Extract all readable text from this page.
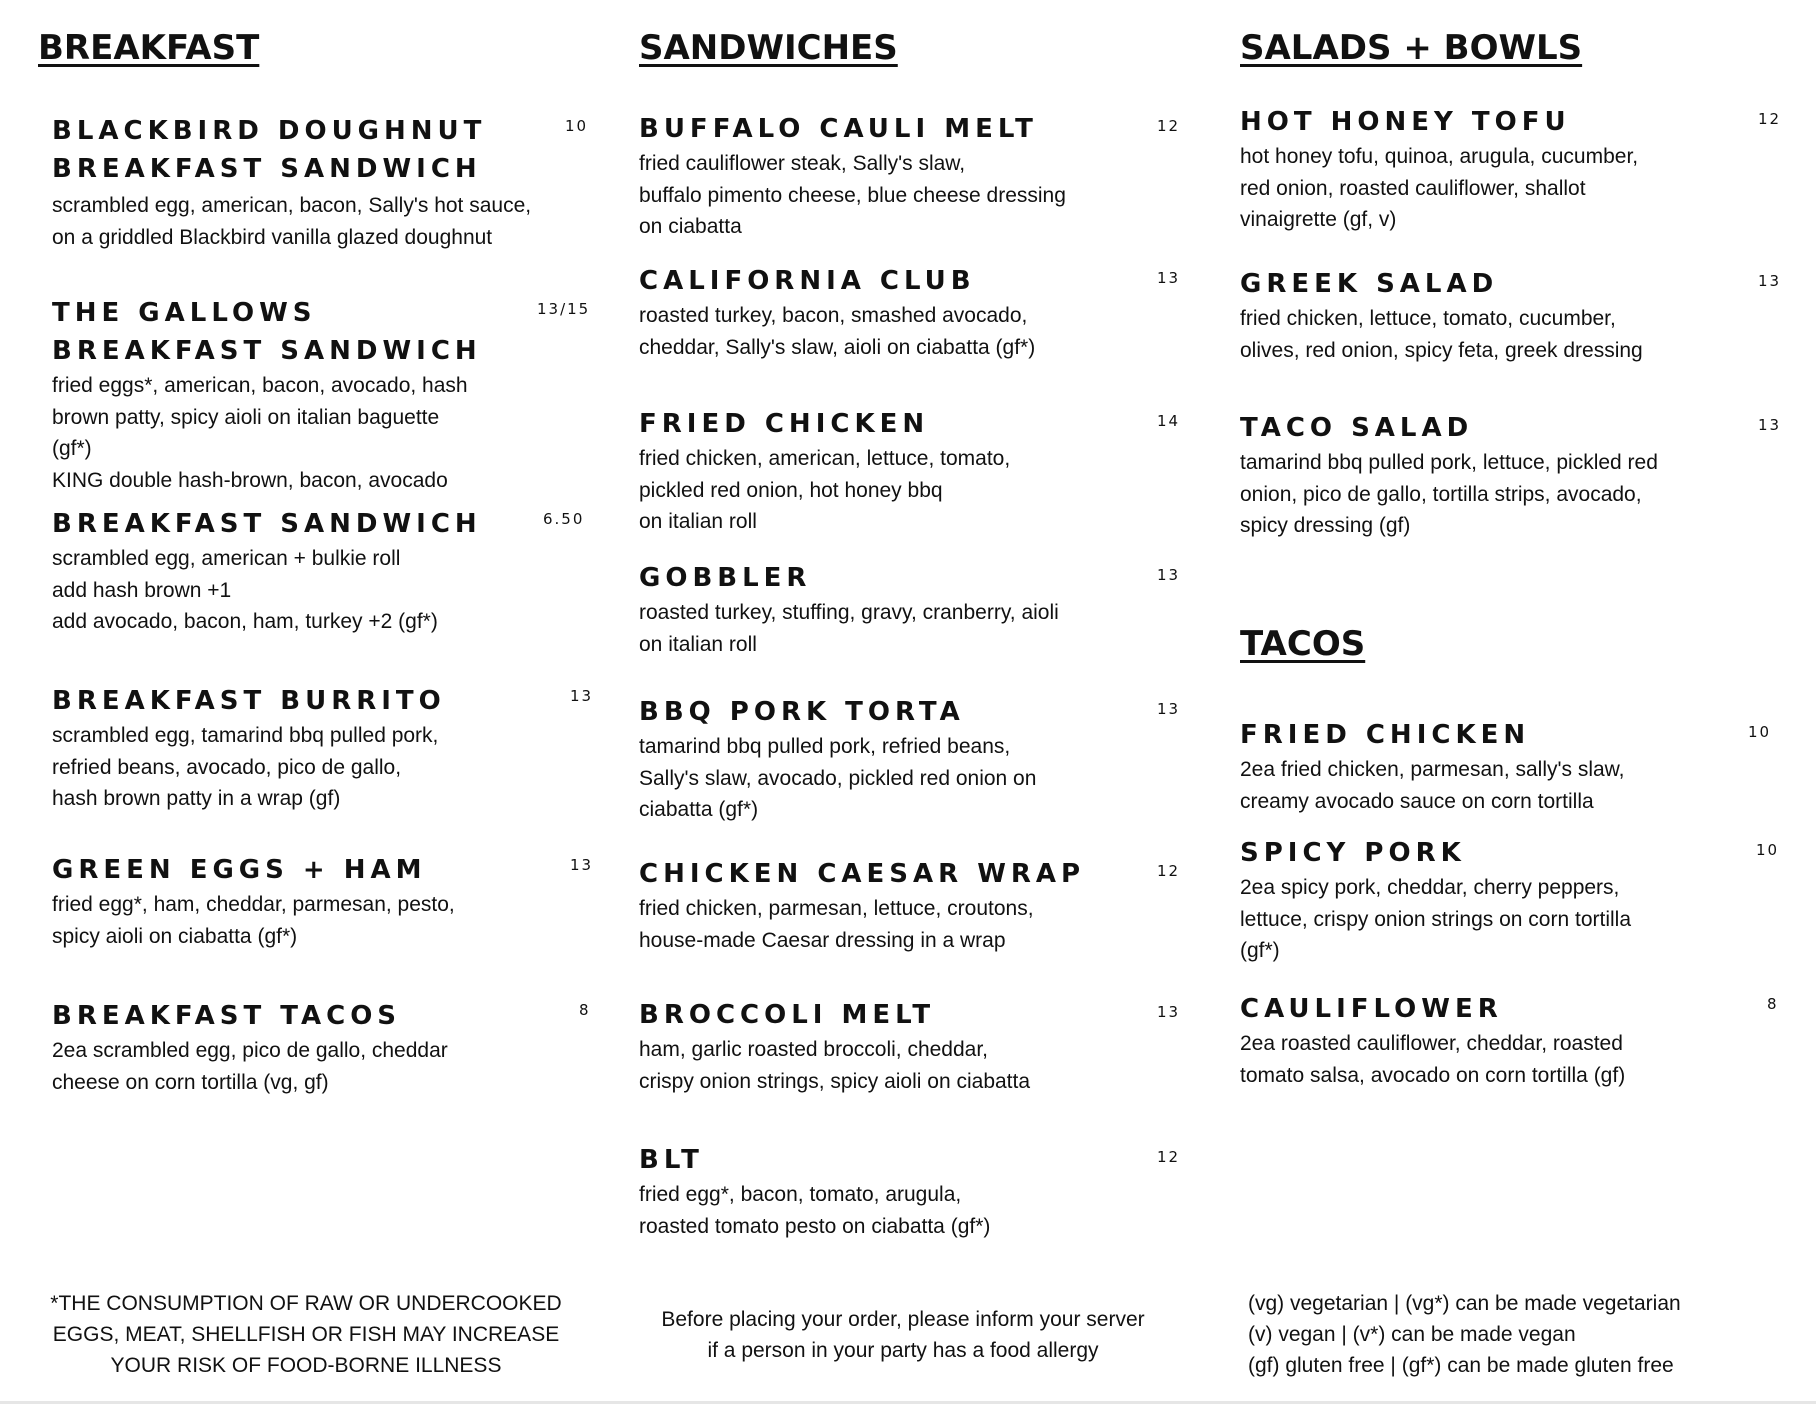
BREAKFAST

BLACKBIRD DOUGHNUT
BREAKFAST SANDWICH

scrambled egg, american, bacon, Sally's hot sauce,
on a griddled Blackbird vanilla glazed doughnut

10

THE GALLOWS
BREAKFAST SANDWICH

fried eggs*, american, bacon, avocado, hash
brown patty, spicy aioli on italian baguette
(gf*)
KING double hash-brown, bacon, avocado

13/15

BREAKFAST SANDWICH

scrambled egg, american + bulkie roll
add hash brown +1
add avocado, bacon, ham, turkey +2 (gf*)

6.50

BREAKFAST BURRITO

scrambled egg, tamarind bbq pulled pork,
refried beans, avocado, pico de gallo,
hash brown patty in a wrap (gf)

13

GREEN EGGS + HAM

fried egg*, ham, cheddar, parmesan, pesto,
spicy aioli on ciabatta (gf*)

13

BREAKFAST TACOS

2ea scrambled egg, pico de gallo, cheddar
cheese on corn tortilla (vg, gf)

8
SANDWICHES

BUFFALO CAULI MELT

fried cauliflower steak, Sally's slaw,
buffalo pimento cheese, blue cheese dressing
on ciabatta

12

CALIFORNIA CLUB

roasted turkey, bacon, smashed avocado,
cheddar, Sally's slaw, aioli on ciabatta (gf*)

13

FRIED CHICKEN

fried chicken, american, lettuce, tomato,
pickled red onion, hot honey bbq
on italian roll

14

GOBBLER

roasted turkey, stuffing, gravy, cranberry, aioli
on italian roll

13

BBQ PORK TORTA

tamarind bbq pulled pork, refried beans,
Sally's slaw, avocado, pickled red onion on
ciabatta (gf*)

13

CHICKEN CAESAR WRAP

fried chicken, parmesan, lettuce, croutons,
house-made Caesar dressing in a wrap

12

BROCCOLI MELT

ham, garlic roasted broccoli, cheddar,
crispy onion strings, spicy aioli on ciabatta

13

BLT

fried egg*, bacon, tomato, arugula,
roasted tomato pesto on ciabatta (gf*)

12
SALADS + BOWLS

HOT HONEY TOFU

hot honey tofu, quinoa, arugula, cucumber,
red onion, roasted cauliflower, shallot
vinaigrette (gf, v)

12

GREEK SALAD

fried chicken, lettuce, tomato, cucumber,
olives, red onion, spicy feta, greek dressing

13

TACO SALAD

tamarind bbq pulled pork, lettuce, pickled red
onion, pico de gallo, tortilla strips, avocado,
spicy dressing (gf)

13
TACOS

FRIED CHICKEN

2ea fried chicken, parmesan, sally's slaw,
creamy avocado sauce on corn tortilla

10

SPICY PORK

2ea spicy pork, cheddar, cherry peppers,
lettuce, crispy onion strings on corn tortilla
(gf*)

10

CAULIFLOWER

2ea roasted cauliflower, cheddar, roasted
tomato salsa, avocado on corn tortilla (gf)

8
*THE CONSUMPTION OF RAW OR UNDERCOOKED
EGGS, MEAT, SHELLFISH OR FISH MAY INCREASE
YOUR RISK OF FOOD-BORNE ILLNESS
Before placing your order, please inform your server
if a person in your party has a food allergy
(vg) vegetarian | (vg*) can be made vegetarian
(v) vegan | (v*) can be made vegan
(gf) gluten free | (gf*) can be made gluten free
